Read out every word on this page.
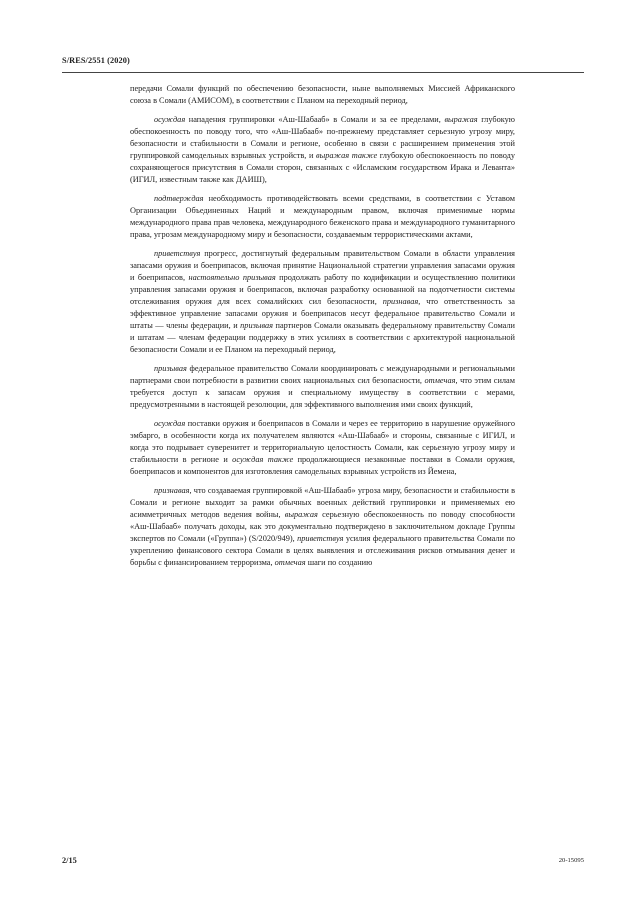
S/RES/2551 (2020)

передачи Сомали функций по обеспечению безопасности, ныне выполняемых Миссией Африканского союза в Сомали (АМИСОМ), в соответствии с Планом на переходный период,

осуждая нападения группировки «Аш-Шабааб» в Сомали и за ее пределами, выражая глубокую обеспокоенность по поводу того, что «Аш-Шабааб» по-прежнему представляет серьезную угрозу миру, безопасности и стабильности в Сомали и регионе, особенно в связи с расширением применения этой группировкой самодельных взрывных устройств, и выражая также глубокую обеспокоенность по поводу сохраняющегося присутствия в Сомали сторон, связанных с «Исламским государством Ирака и Леванта» (ИГИЛ, известным также как ДАИШ),

подтверждая необходимость противодействовать всеми средствами, в соответствии с Уставом Организации Объединенных Наций и международным правом, включая применимые нормы международного права прав человека, международного беженского права и международного гуманитарного права, угрозам международному миру и безопасности, создаваемым террористическими актами,

приветствуя прогресс, достигнутый федеральным правительством Сомали в области управления запасами оружия и боеприпасов, включая принятие Национальной стратегии управления запасами оружия и боеприпасов, настоятельно призывая продолжать работу по кодификации и осуществлению политики управления запасами оружия и боеприпасов, включая разработку основанной на подотчетности системы отслеживания оружия для всех сомалийских сил безопасности, признавая, что ответственность за эффективное управление запасами оружия и боеприпасов несут федеральное правительство Сомали и штаты — члены федерации, и призывая партнеров Сомали оказывать федеральному правительству Сомали и штатам — членам федерации поддержку в этих усилиях в соответствии с архитектурой национальной безопасности Сомали и ее Планом на переходный период,

призывая федеральное правительство Сомали координировать с международными и региональными партнерами свои потребности в развитии своих национальных сил безопасности, отмечая, что этим силам требуется доступ к запасам оружия и специальному имуществу в соответствии с мерами, предусмотренными в настоящей резолюции, для эффективного выполнения ими своих функций,

осуждая поставки оружия и боеприпасов в Сомали и через ее территорию в нарушение оружейного эмбарго, в особенности когда их получателем являются «Аш-Шабааб» и стороны, связанные с ИГИЛ, и когда это подрывает суверенитет и территориальную целостность Сомали, как серьезную угрозу миру и стабильности в регионе и осуждая также продолжающиеся незаконные поставки в Сомали оружия, боеприпасов и компонентов для изготовления самодельных взрывных устройств из Йемена,

признавая, что создаваемая группировкой «Аш-Шабааб» угроза миру, безопасности и стабильности в Сомали и регионе выходит за рамки обычных военных действий группировки и применяемых ею асимметричных методов ведения войны, выражая серьезную обеспокоенность по поводу способности «Аш-Шабааб» получать доходы, как это документально подтверждено в заключительном докладе Группы экспертов по Сомали («Группа») (S/2020/949), приветствуя усилия федерального правительства Сомали по укреплению финансового сектора Сомали в целях выявления и отслеживания рисков отмывания денег и борьбы с финансированием терроризма, отмечая шаги по созданию

2/15	20-15095
